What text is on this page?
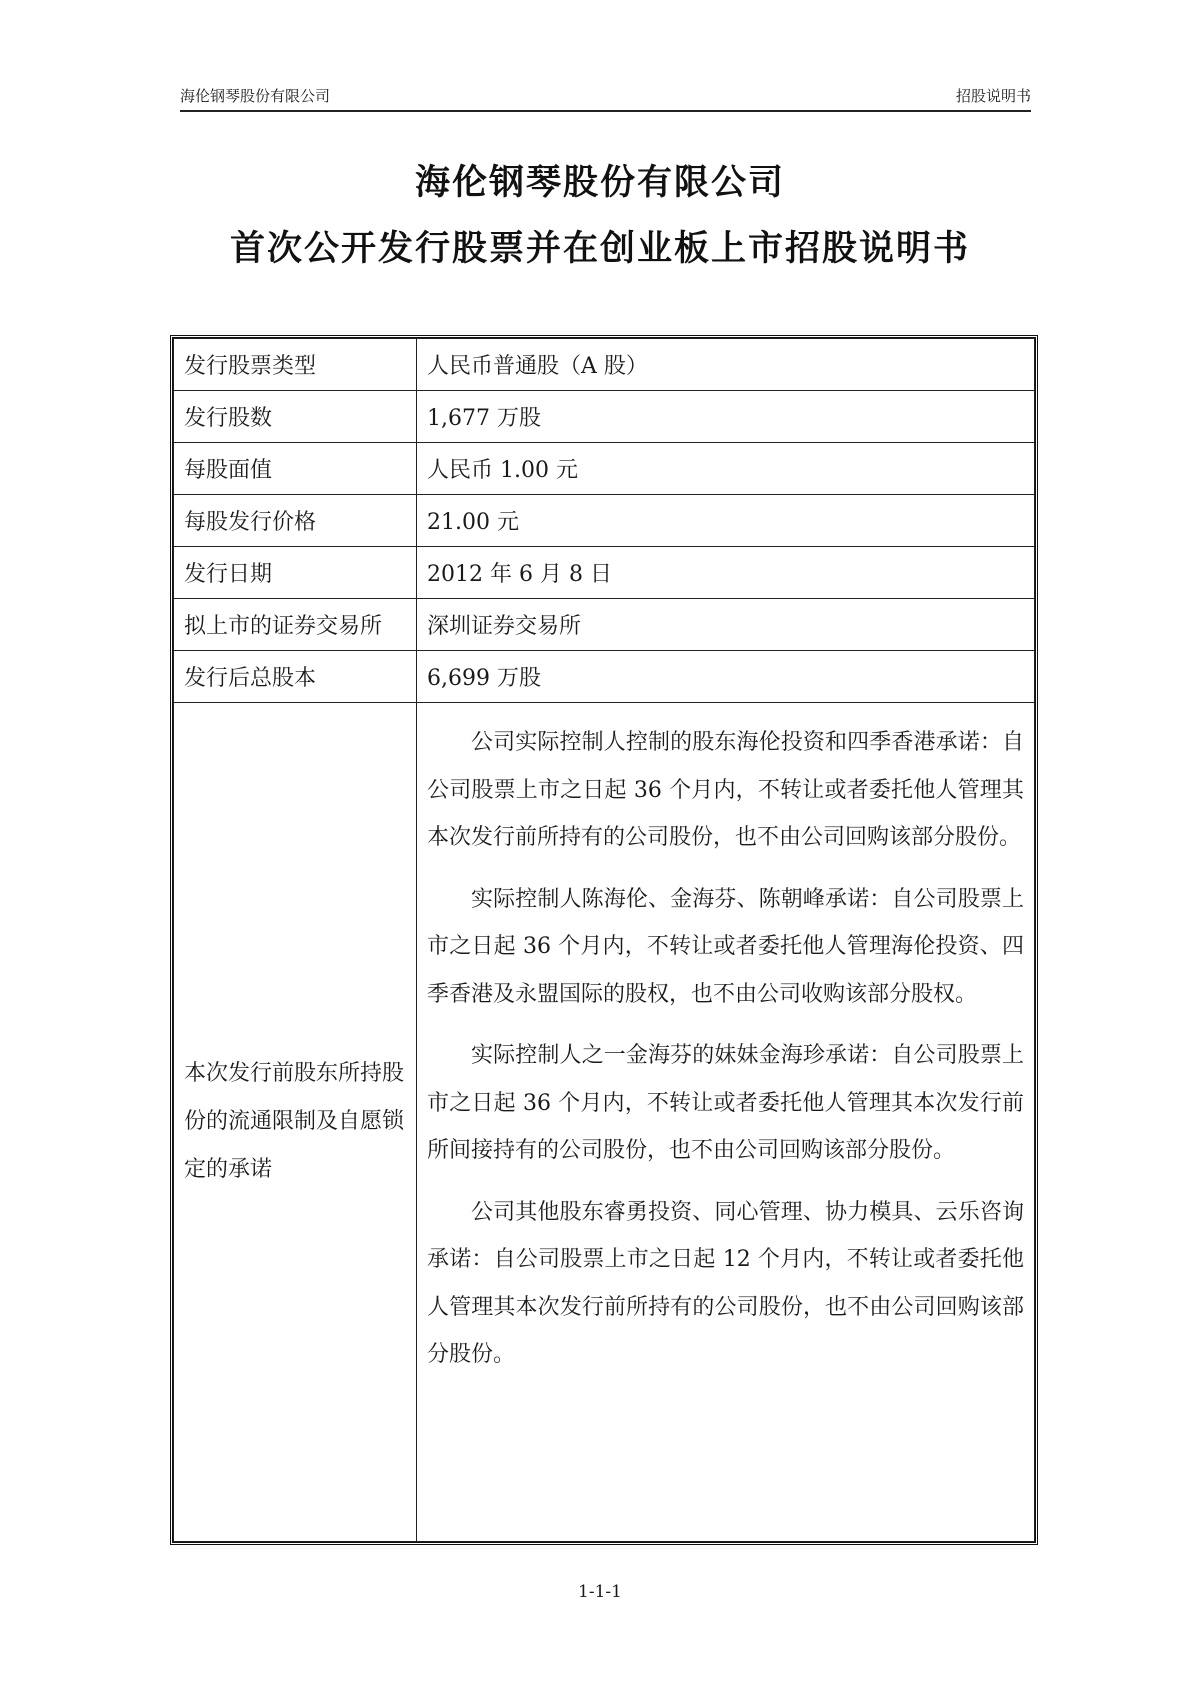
海伦钢琴股份有限公司	招股说明书
海伦钢琴股份有限公司
首次公开发行股票并在创业板上市招股说明书
发行股票类型	人民币普通股（A 股）
发行股数	1,677 万股
每股面值	人民币 1.00 元
每股发行价格	21.00 元
发行日期	2012 年 6 月 8 日
拟上市的证券交易所	深圳证券交易所
发行后总股本	6,699 万股
本次发行前股东所持股份的流通限制及自愿锁定的承诺	公司实际控制人控制的股东海伦投资和四季香港承诺：自公司股票上市之日起 36 个月内，不转让或者委托他人管理其本次发行前所持有的公司股份，也不由公司回购该部分股份。

实际控制人陈海伦、金海芬、陈朝峰承诺：自公司股票上市之日起 36 个月内，不转让或者委托他人管理海伦投资、四季香港及永盟国际的股权，也不由公司收购该部分股权。

实际控制人之一金海芬的妹妹金海珍承诺：自公司股票上市之日起 36 个月内，不转让或者委托他人管理其本次发行前所间接持有的公司股份，也不由公司回购该部分股份。

公司其他股东睿勇投资、同心管理、协力模具、云乐咨询承诺：自公司股票上市之日起 12 个月内，不转让或者委托他人管理其本次发行前所持有的公司股份，也不由公司回购该部分股份。

1-1-1
